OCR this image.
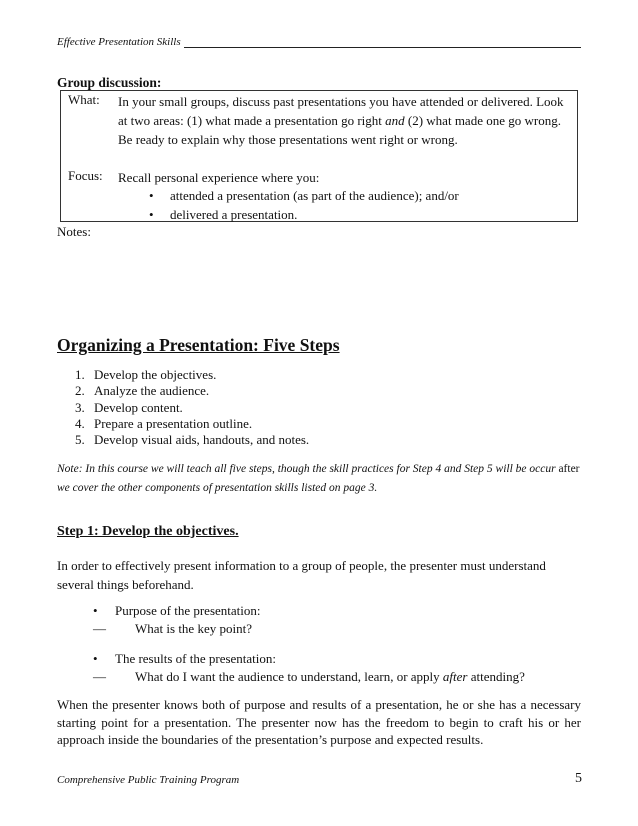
Effective Presentation Skills
Group discussion:
What: In your small groups, discuss past presentations you have attended or delivered. Look at two areas: (1) what made a presentation go right and (2) what made one go wrong. Be ready to explain why those presentations went right or wrong.
Focus: Recall personal experience where you:
• attended a presentation (as part of the audience); and/or
• delivered a presentation.
Notes:
Organizing a Presentation: Five Steps
1. Develop the objectives.
2. Analyze the audience.
3. Develop content.
4. Prepare a presentation outline.
5. Develop visual aids, handouts, and notes.
Note: In this course we will teach all five steps, though the skill practices for Step 4 and Step 5 will be occur after we cover the other components of presentation skills listed on page 3.
Step 1: Develop the objectives.
In order to effectively present information to a group of people, the presenter must understand several things beforehand.
•	Purpose of the presentation:
— What is the key point?
•	The results of the presentation:
— What do I want the audience to understand, learn, or apply after attending?
When the presenter knows both of purpose and results of a presentation, he or she has a necessary starting point for a presentation. The presenter now has the freedom to begin to craft his or her approach inside the boundaries of the presentation’s purpose and expected results.
Comprehensive Public Training Program	5
